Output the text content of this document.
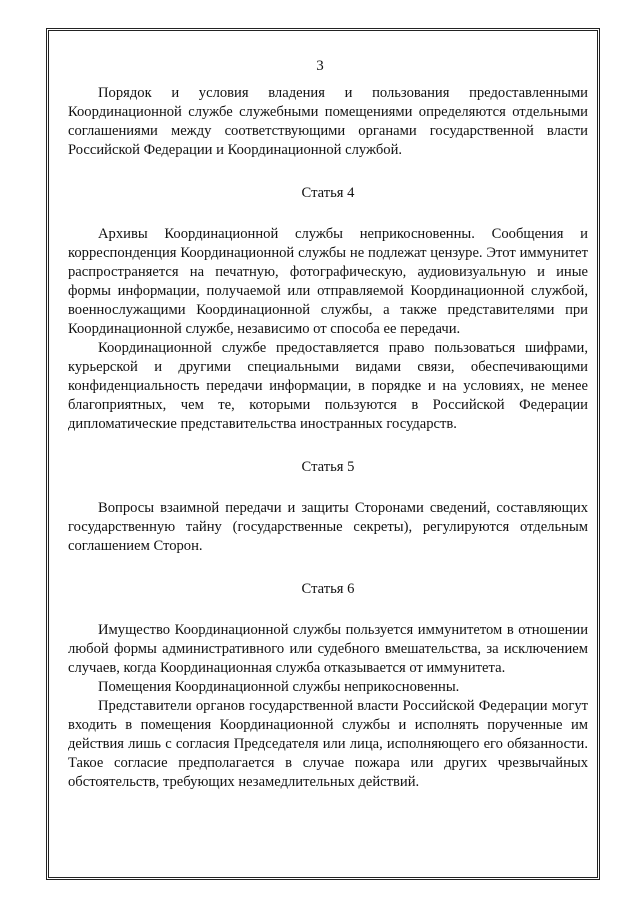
3

Порядок и условия владения и пользования предоставленными Координационной службе служебными помещениями определяются отдельными соглашениями между соответствующими органами государственной власти Российской Федерации и Координационной службой.

Статья 4

Архивы Координационной службы неприкосновенны. Сообщения и корреспонденция Координационной службы не подлежат цензуре. Этот иммунитет распространяется на печатную, фотографическую, аудиовизуальную и иные формы информации, получаемой или отправляемой Координационной службой, военнослужащими Координационной службы, а также представителями при Координационной службе, независимо от способа ее передачи.

Координационной службе предоставляется право пользоваться шифрами, курьерской и другими специальными видами связи, обеспечивающими конфиденциальность передачи информации, в порядке и на условиях, не менее благоприятных, чем те, которыми пользуются в Российской Федерации дипломатические представительства иностранных государств.

Статья 5

Вопросы взаимной передачи и защиты Сторонами сведений, составляющих государственную тайну (государственные секреты), регулируются отдельным соглашением Сторон.

Статья 6

Имущество Координационной службы пользуется иммунитетом в отношении любой формы административного или судебного вмешательства, за исключением случаев, когда Координационная служба отказывается от иммунитета.

Помещения Координационной службы неприкосновенны.

Представители органов государственной власти Российской Федерации могут входить в помещения Координационной службы и исполнять порученные им действия лишь с согласия Председателя или лица, исполняющего его обязанности. Такое согласие предполагается в случае пожара или других чрезвычайных обстоятельств, требующих незамедлительных действий.
